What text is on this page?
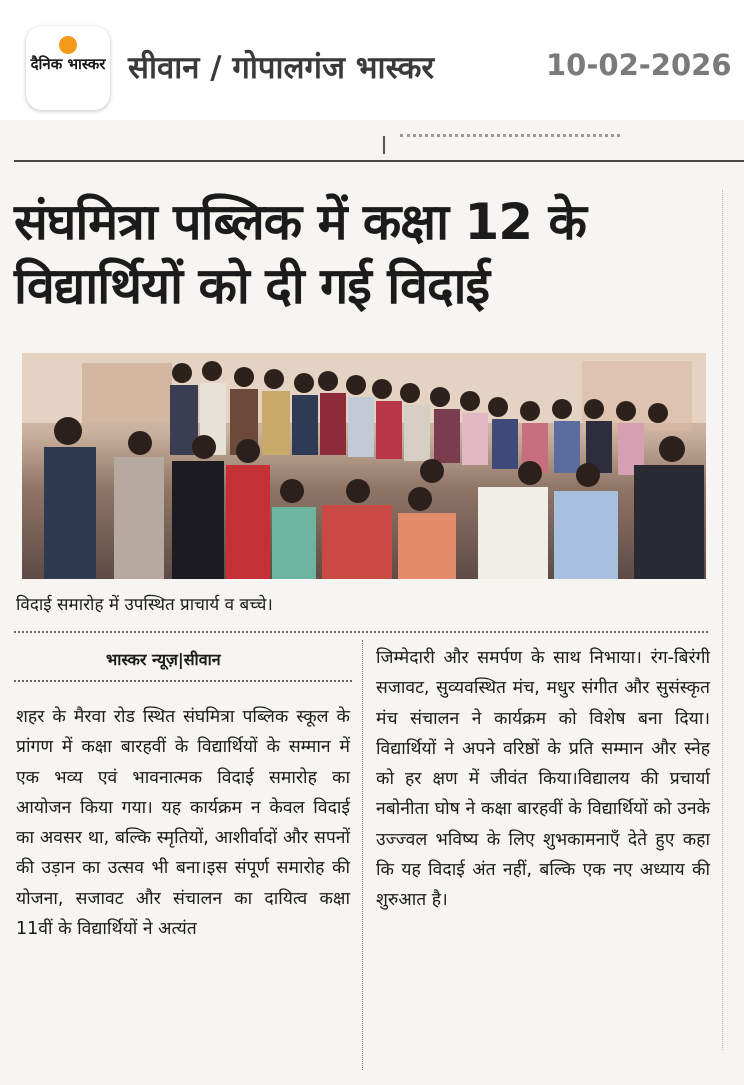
दैनिक भास्कर सीवान / गोपालगंज भास्कर	10-02-2026
संघमित्रा पब्लिक में कक्षा 12 के विद्यार्थियों को दी गई विदाई
विदाई समारोह में उपस्थित प्राचार्य व बच्चे।
भास्कर न्यूज़|सीवान

शहर के मैरवा रोड स्थित संघमित्रा पब्लिक स्कूल के प्रांगण में कक्षा बारहवीं के विद्यार्थियों के सम्मान में एक भव्य एवं भावनात्मक विदाई समारोह का आयोजन किया गया। यह कार्यक्रम न केवल विदाई का अवसर था, बल्कि स्मृतियों, आशीर्वादों और सपनों की उड़ान का उत्सव भी बना।इस संपूर्ण समारोह की योजना, सजावट और संचालन का दायित्व कक्षा 11वीं के विद्यार्थियों ने अत्यंत

जिम्मेदारी और समर्पण के साथ निभाया। रंग-बिरंगी सजावट, सुव्यवस्थित मंच, मधुर संगीत और सुसंस्कृत मंच संचालन ने कार्यक्रम को विशेष बना दिया। विद्यार्थियों ने अपने वरिष्ठों के प्रति सम्मान और स्नेह को हर क्षण में जीवंत किया।विद्यालय की प्रचार्या नबोनीता घोष ने कक्षा बारहवीं के विद्यार्थियों को उनके उज्ज्वल भविष्य के लिए शुभकामनाएँ देते हुए कहा कि यह विदाई अंत नहीं, बल्कि एक नए अध्याय की शुरुआत है।
